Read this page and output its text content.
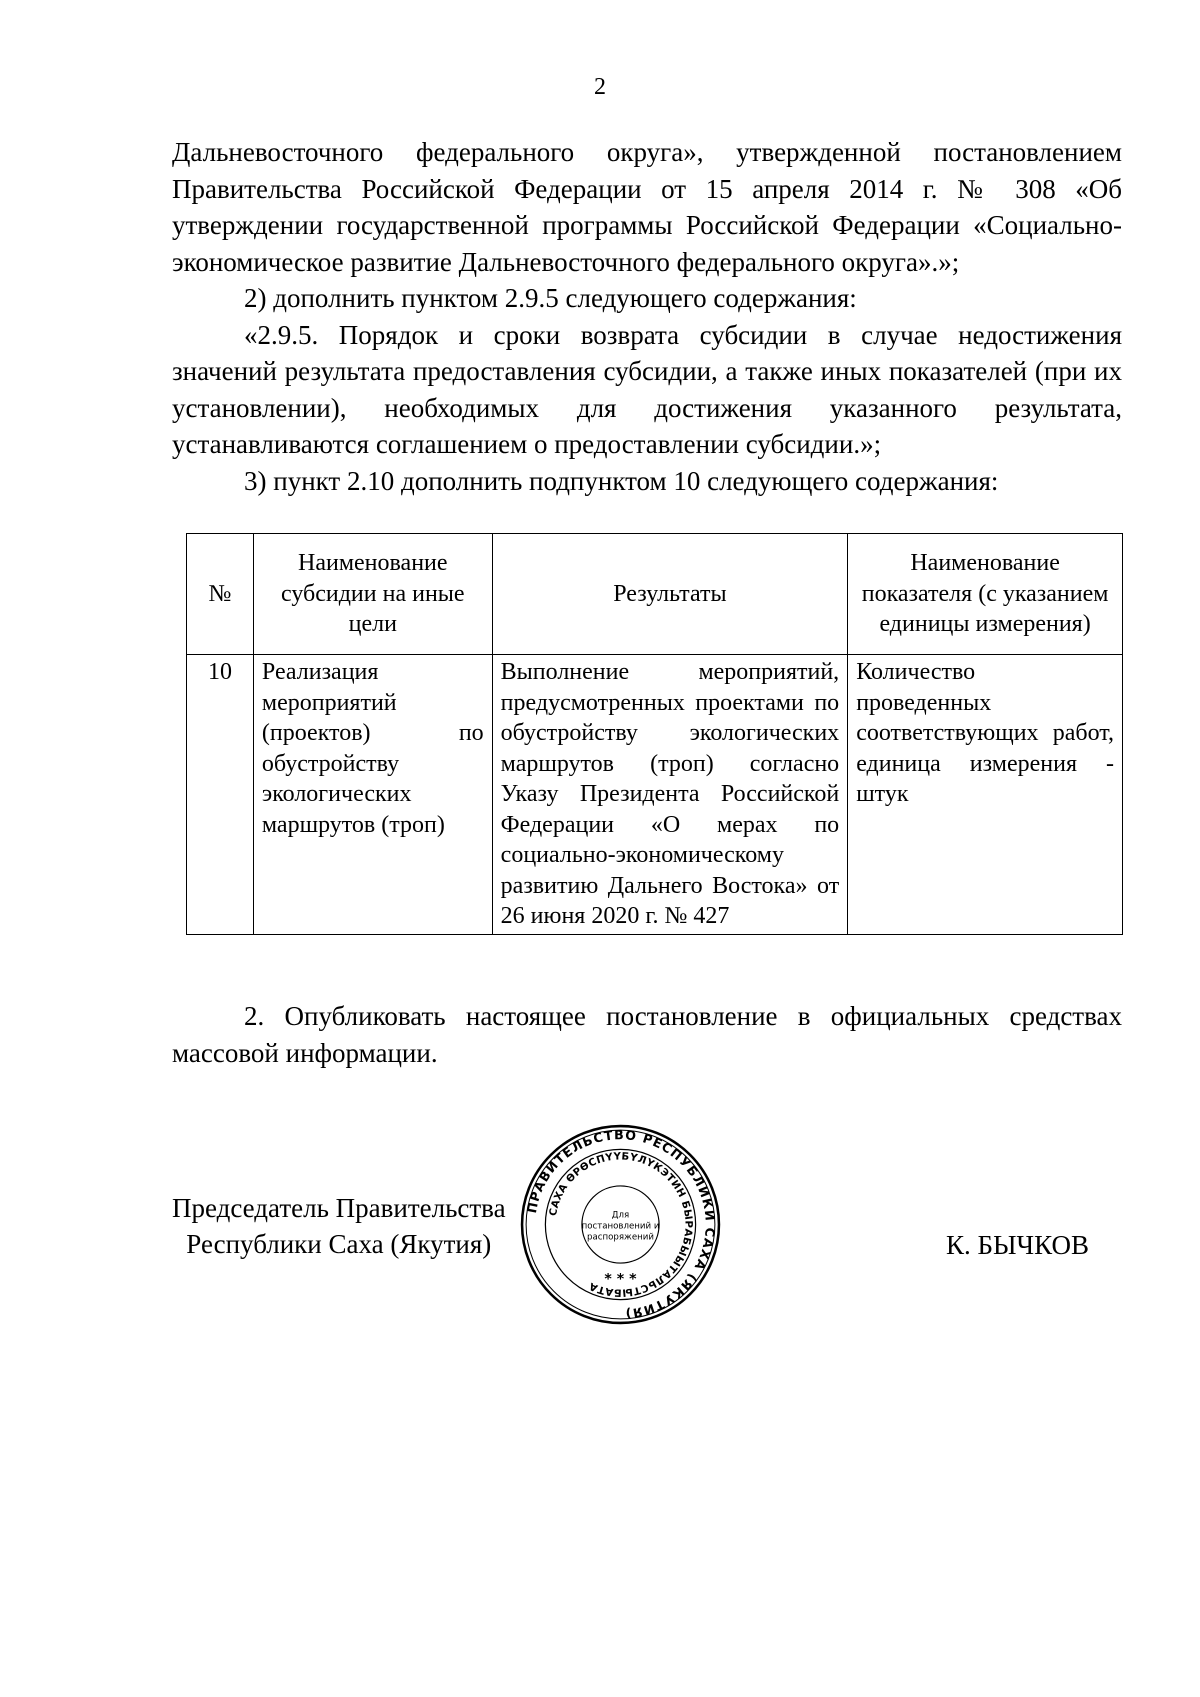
2

Дальневосточного федерального округа», утвержденной постановлением Правительства Российской Федерации от 15 апреля 2014 г. № 308 «Об утверждении государственной программы Российской Федерации «Социально-экономическое развитие Дальневосточного федерального округа».»;

2) дополнить пунктом 2.9.5 следующего содержания:

«2.9.5. Порядок и сроки возврата субсидии в случае недостижения значений результата предоставления субсидии, а также иных показателей (при их установлении), необходимых для достижения указанного результата, устанавливаются соглашением о предоставлении субсидии.»;

3) пункт 2.10 дополнить подпунктом 10 следующего содержания:

№	Наименование субсидии на иные цели	Результаты	Наименование показателя (с указанием единицы измерения)
10	Реализация мероприятий (проектов) по обустройству экологических маршрутов (троп)	Выполнение мероприятий, предусмотренных проектами по обустройству экологических маршрутов (троп) согласно Указу Президента Российской Федерации «О мерах по социально-экономическому развитию Дальнего Востока» от 26 июня 2020 г. № 427	Количество проведенных соответствующих работ, единица измерения - штук

2. Опубликовать настоящее постановление в официальных средствах массовой информации.

Председатель Правительства
Республики Саха (Якутия)	К. БЫЧКОВ
ПРАВИТЕЛЬСТВО РЕСПУБЛИКИ САХА (ЯКУТИЯ)
САХА ӨРӨСПҮҮБҮЛҮКЭТИН БЫРАБЫЫТАЛЬСТЫБАТА
Для
постановлений и
распоряжений
* * *
